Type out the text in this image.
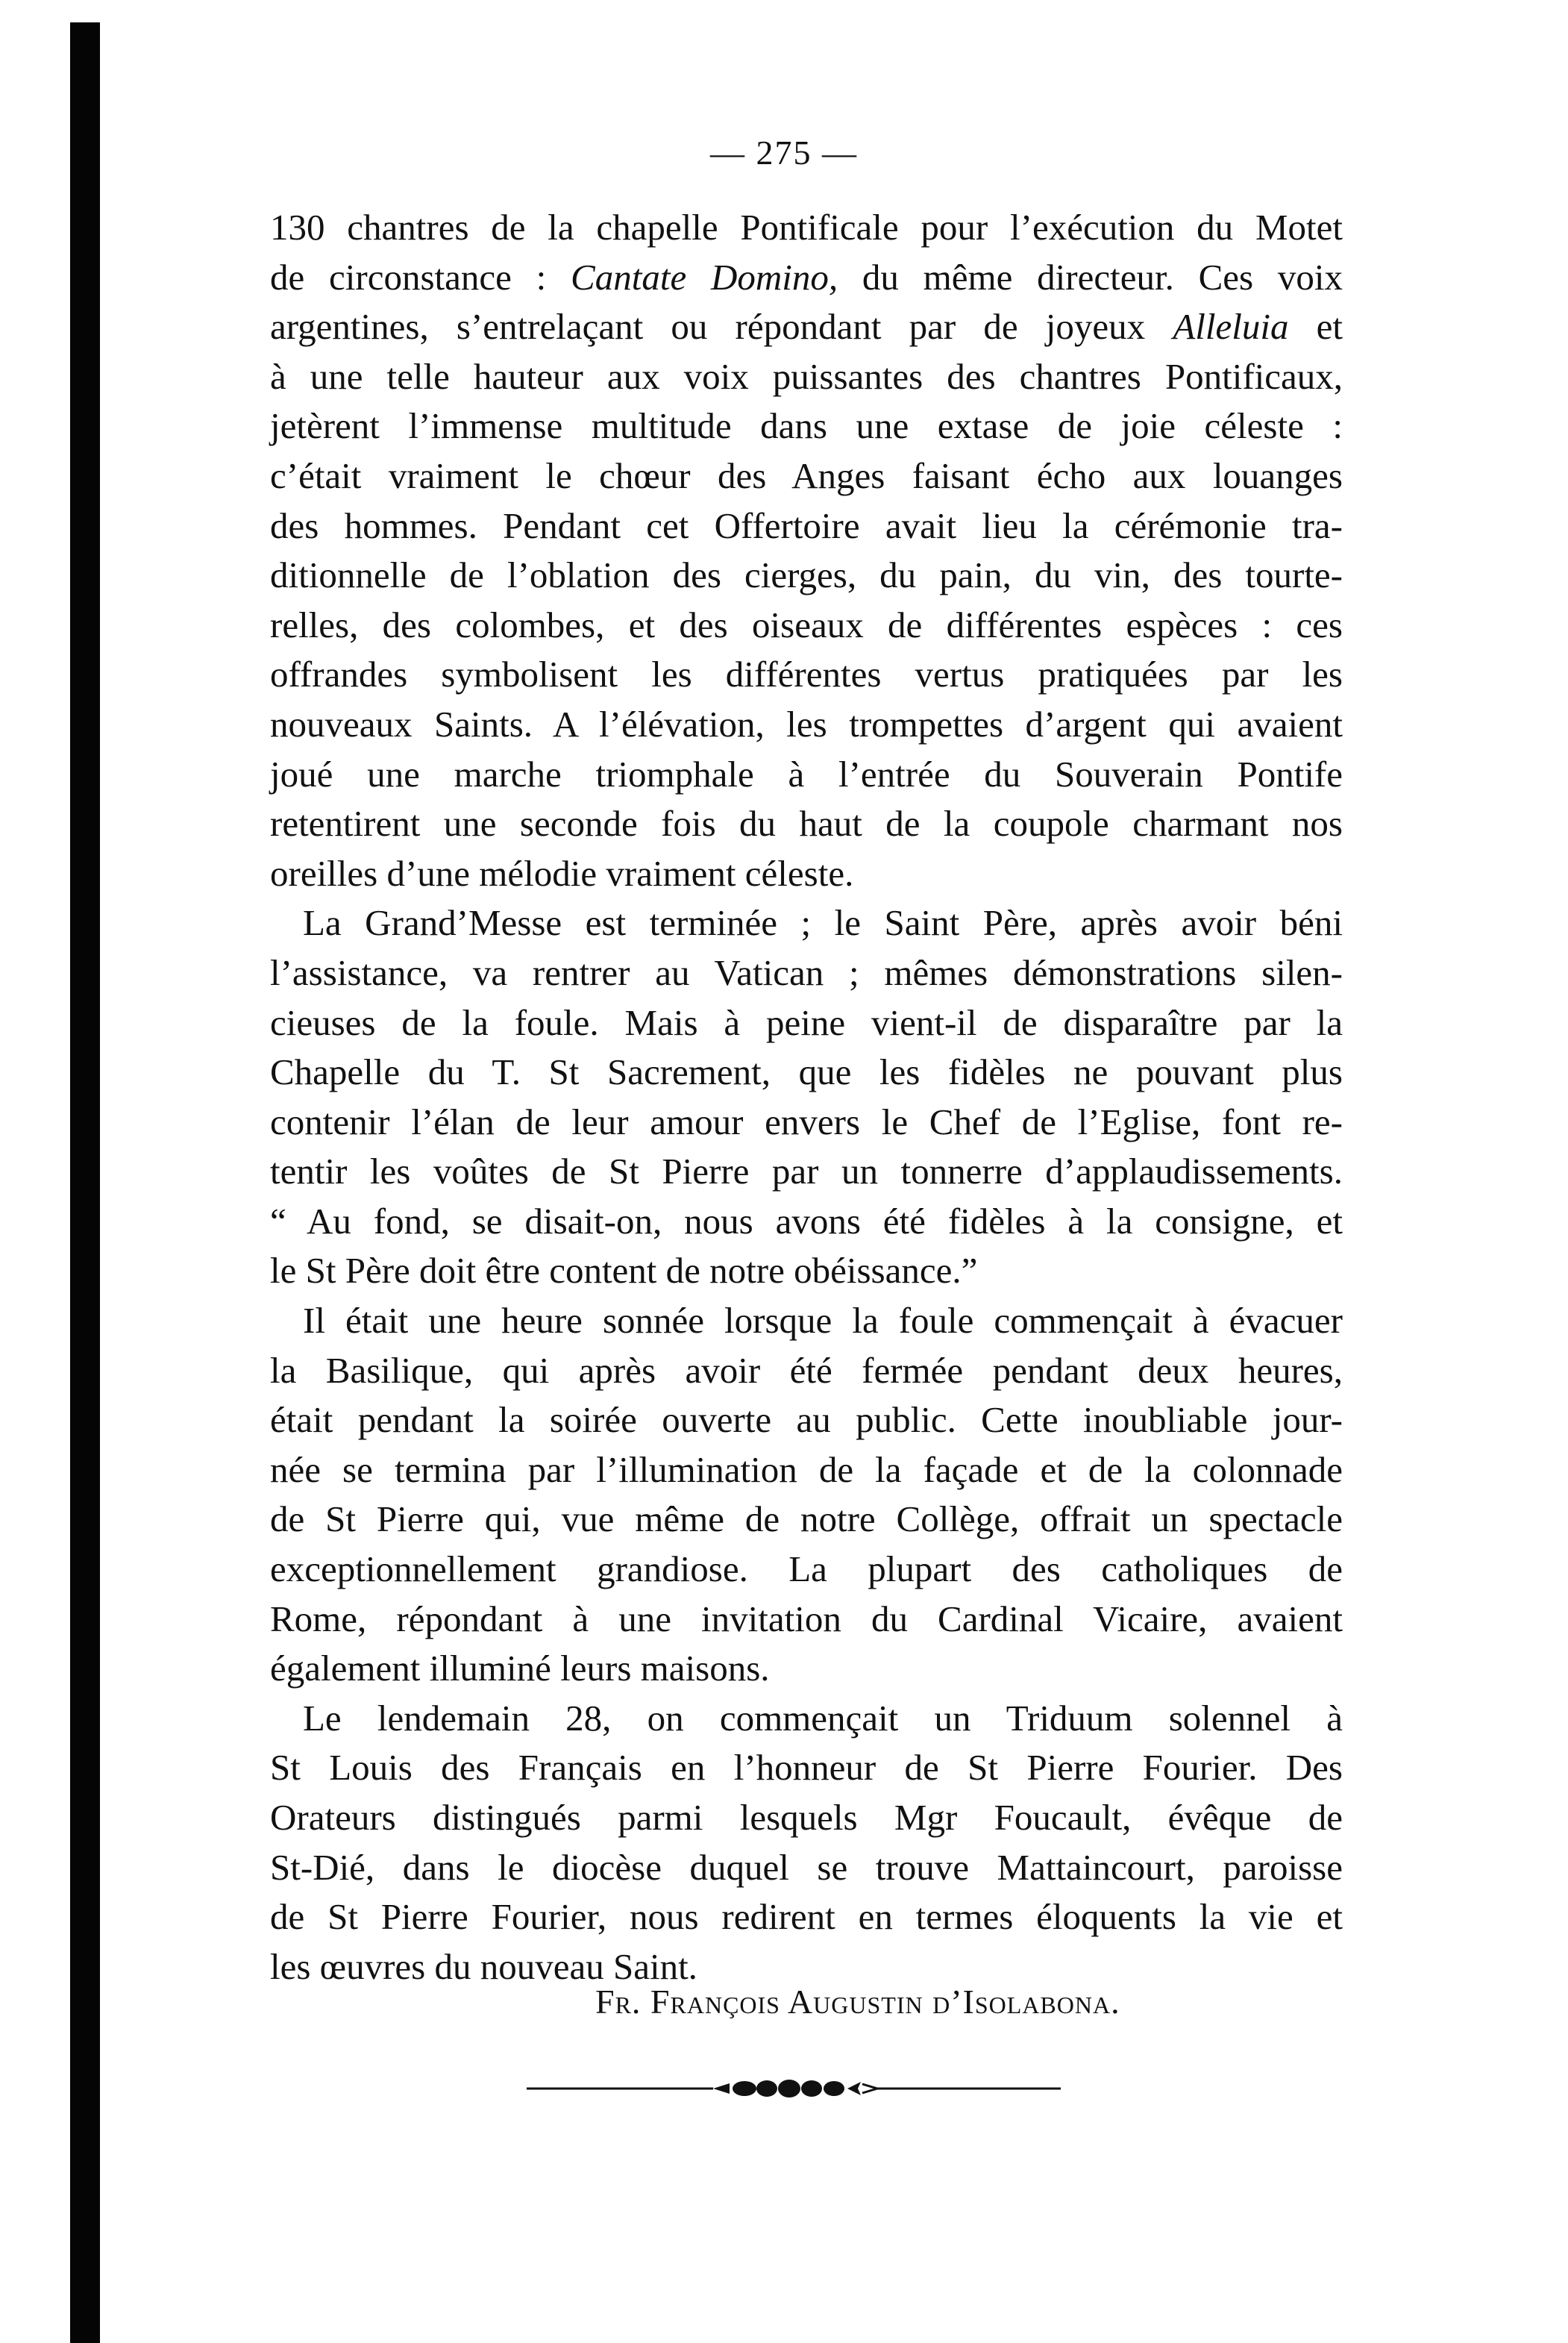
— 275 —
130 chantres de la chapelle Pontificale pour l’exécution du Motet
de circonstance : Cantate Domino, du même directeur. Ces voix
argentines, s’entrelaçant ou répondant par de joyeux Alleluia et
à une telle hauteur aux voix puissantes des chantres Pontificaux,
jetèrent l’immense multitude dans une extase de joie céleste :
c’était vraiment le chœur des Anges faisant écho aux louanges
des hommes. Pendant cet Offertoire avait lieu la cérémonie tra-
ditionnelle de l’oblation des cierges, du pain, du vin, des tourte-
relles, des colombes, et des oiseaux de différentes espèces : ces
offrandes symbolisent les différentes vertus pratiquées par les
nouveaux Saints. A l’élévation, les trompettes d’argent qui avaient
joué une marche triomphale à l’entrée du Souverain Pontife
retentirent une seconde fois du haut de la coupole charmant nos
oreilles d’une mélodie vraiment céleste.
La Grand’Messe est terminée ; le Saint Père, après avoir béni
l’assistance, va rentrer au Vatican ; mêmes démonstrations silen-
cieuses de la foule. Mais à peine vient-il de disparaître par la
Chapelle du T. St Sacrement, que les fidèles ne pouvant plus
contenir l’élan de leur amour envers le Chef de l’Eglise, font re-
tentir les voûtes de St Pierre par un tonnerre d’applaudissements.
“ Au fond, se disait-on, nous avons été fidèles à la consigne, et
le St Père doit être content de notre obéissance.”
Il était une heure sonnée lorsque la foule commençait à évacuer
la Basilique, qui après avoir été fermée pendant deux heures,
était pendant la soirée ouverte au public. Cette inoubliable jour-
née se termina par l’illumination de la façade et de la colonnade
de St Pierre qui, vue même de notre Collège, offrait un spectacle
exceptionnellement grandiose. La plupart des catholiques de
Rome, répondant à une invitation du Cardinal Vicaire, avaient
également illuminé leurs maisons.
Le lendemain 28, on commençait un Triduum solennel à
St Louis des Français en l’honneur de St Pierre Fourier. Des
Orateurs distingués parmi lesquels Mgr Foucault, évêque de
St-Dié, dans le diocèse duquel se trouve Mattaincourt, paroisse
de St Pierre Fourier, nous redirent en termes éloquents la vie et
les œuvres du nouveau Saint.
Fr. François Augustin d’Isolabona.
